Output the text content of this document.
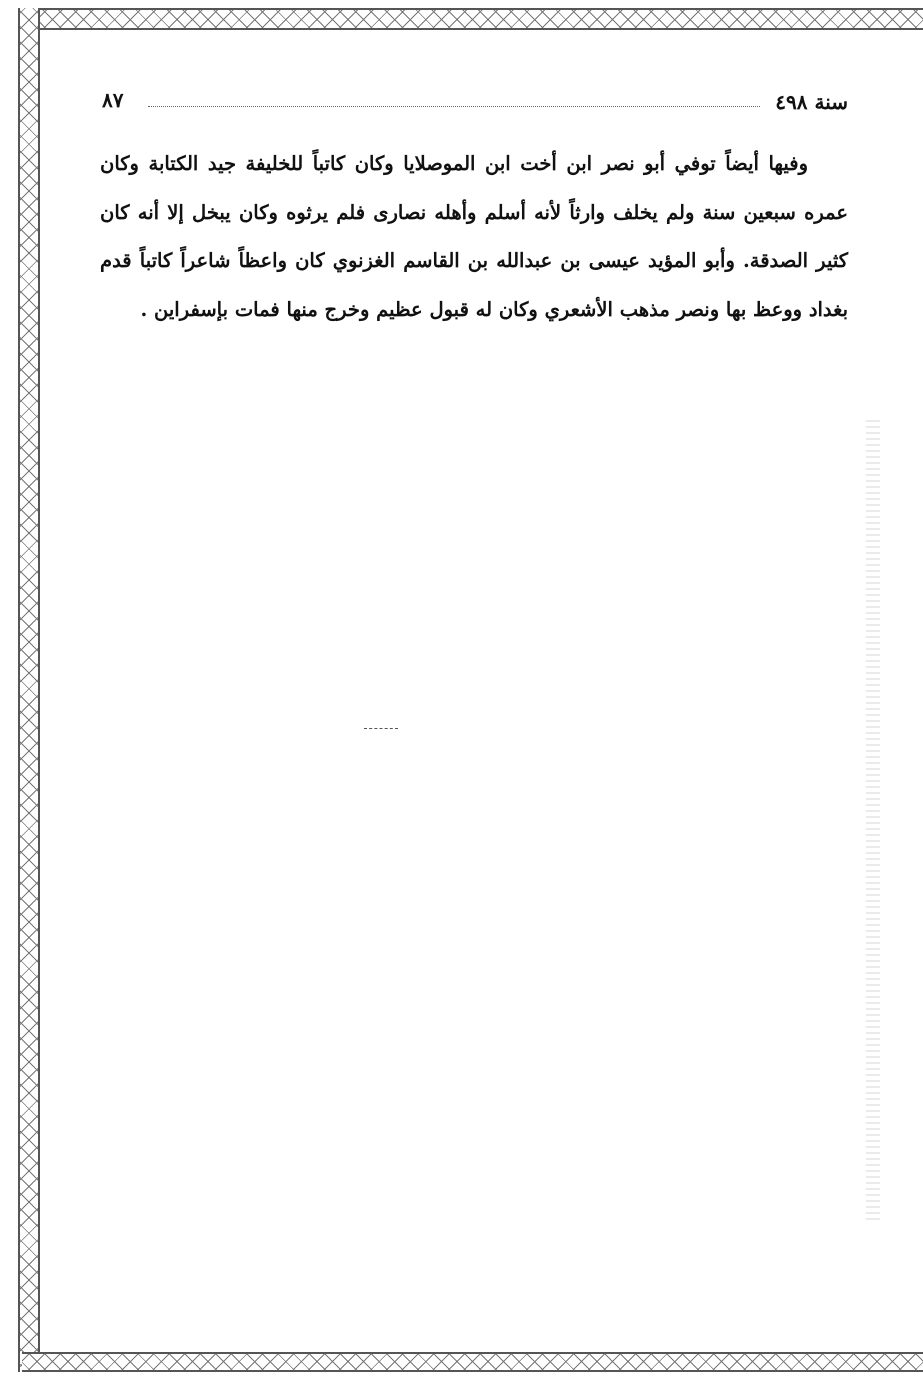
٨٧	سنة ٤٩٨

وفيها أيضاً توفي أبو نصر ابن أخت ابن الموصلايا وكان كاتباً للخليفة جيد الكتابة وكان عمره سبعين سنة ولم يخلف وارثاً لأنه أسلم وأهله نصارى فلم يرثوه وكان يبخل إلا أنه كان كثير الصدقة. وأبو المؤيد عيسى بن عبدالله بن القاسم الغزنوي كان واعظاً شاعراً كاتباً قدم بغداد ووعظ بها ونصر مذهب الأشعري وكان له قبول عظيم وخرج منها فمات بإسفراين .
